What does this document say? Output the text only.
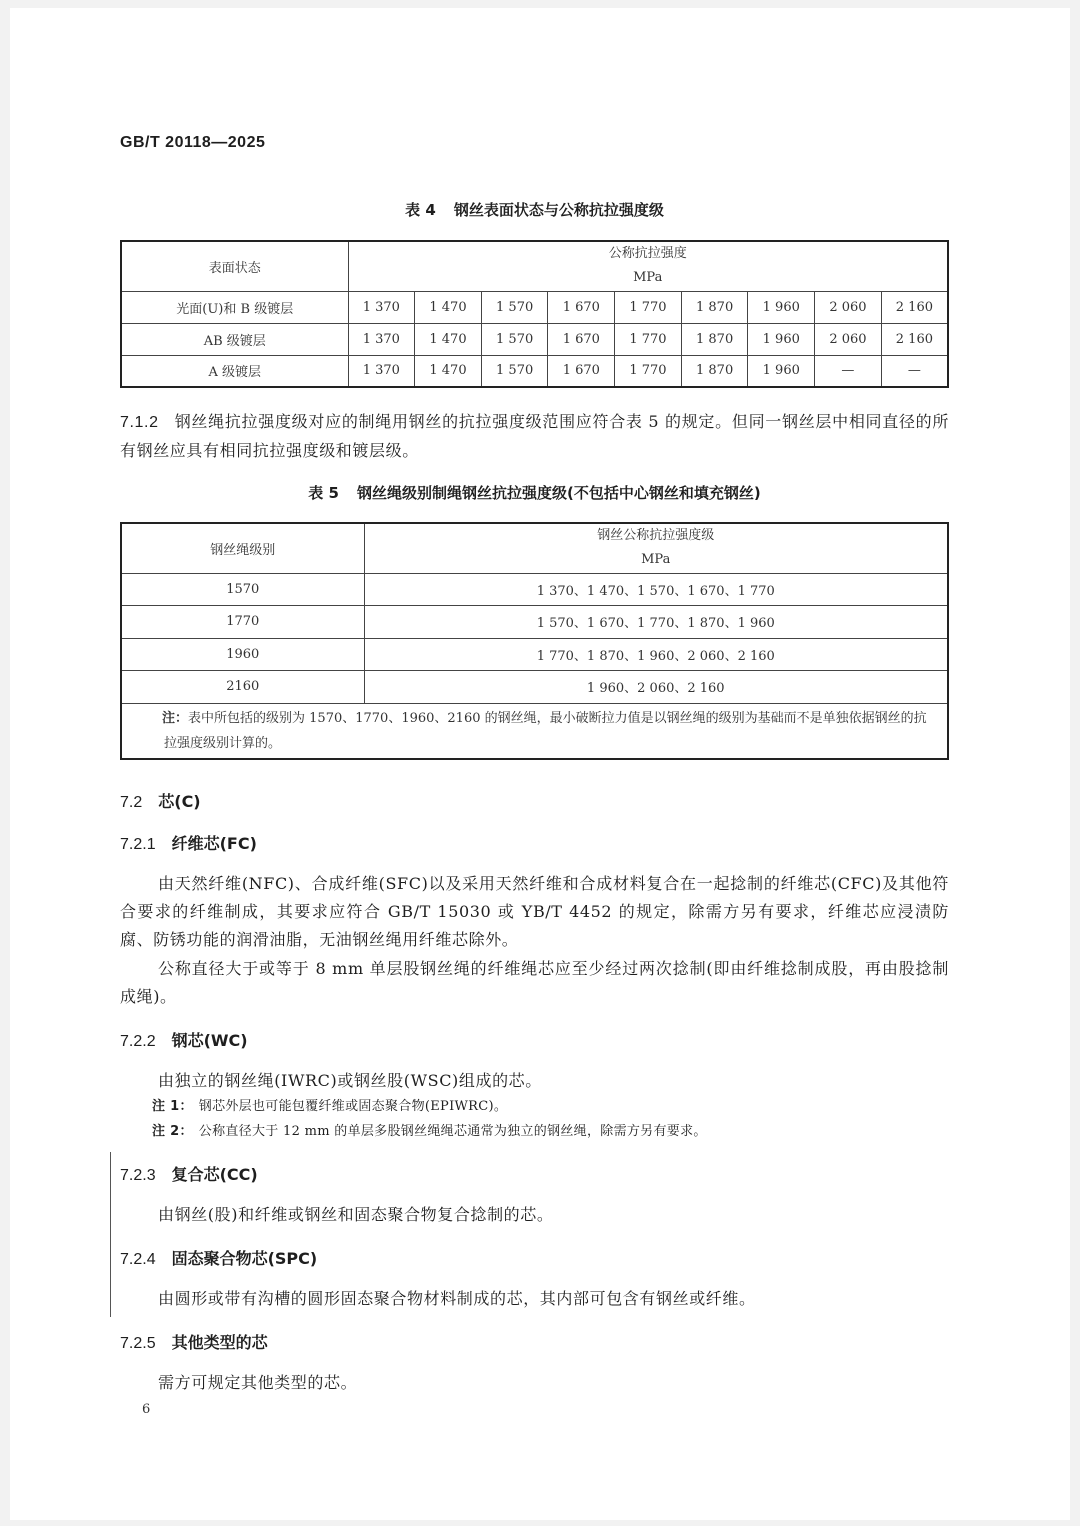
GB/T 20118—2025
表 4 钢丝表面状态与公称抗拉强度级
表面状态	公称抗拉强度
MPa								

光面(U)和 B 级镀层	1 370	1 470	1 570	1 670	1 770	1 870	1 960	2 060	2 160
AB 级镀层	1 370	1 470	1 570	1 670	1 770	1 870	1 960	2 060	2 160
A 级镀层	1 370	1 470	1 570	1 670	1 770	1 870	1 960	—	—
7.1.2 钢丝绳抗拉强度级对应的制绳用钢丝的抗拉强度级范围应符合表 5 的规定。但同一钢丝层中相同直径的所有钢丝应具有相同抗拉强度级和镀层级。
表 5 钢丝绳级别制绳钢丝抗拉强度级(不包括中心钢丝和填充钢丝)
钢丝绳级别	钢丝公称抗拉强度级
MPa

1570	1 370、1 470、1 570、1 670、1 770
1770	1 570、1 670、1 770、1 870、1 960
1960	1 770、1 870、1 960、2 060、2 160
2160	1 960、2 060、2 160
注：表中所包括的级别为 1570、1770、1960、2160 的钢丝绳，最小破断拉力值是以钢丝绳的级别为基础而不是单独依据钢丝的抗拉强度级别计算的。	
7.2 芯(C)
7.2.1 纤维芯(FC)
由天然纤维(NFC)、合成纤维(SFC)以及采用天然纤维和合成材料复合在一起捻制的纤维芯(CFC)及其他符合要求的纤维制成，其要求应符合 GB/T 15030 或 YB/T 4452 的规定，除需方另有要求，纤维芯应浸渍防腐、防锈功能的润滑油脂，无油钢丝绳用纤维芯除外。
公称直径大于或等于 8 mm 单层股钢丝绳的纤维绳芯应至少经过两次捻制(即由纤维捻制成股，再由股捻制成绳)。
7.2.2 钢芯(WC)
由独立的钢丝绳(IWRC)或钢丝股(WSC)组成的芯。
注 1： 钢芯外层也可能包覆纤维或固态聚合物(EPIWRC)。
注 2： 公称直径大于 12 mm 的单层多股钢丝绳绳芯通常为独立的钢丝绳，除需方另有要求。
7.2.3 复合芯(CC)
由钢丝(股)和纤维或钢丝和固态聚合物复合捻制的芯。
7.2.4 固态聚合物芯(SPC)
由圆形或带有沟槽的圆形固态聚合物材料制成的芯，其内部可包含有钢丝或纤维。
7.2.5 其他类型的芯
需方可规定其他类型的芯。
6
